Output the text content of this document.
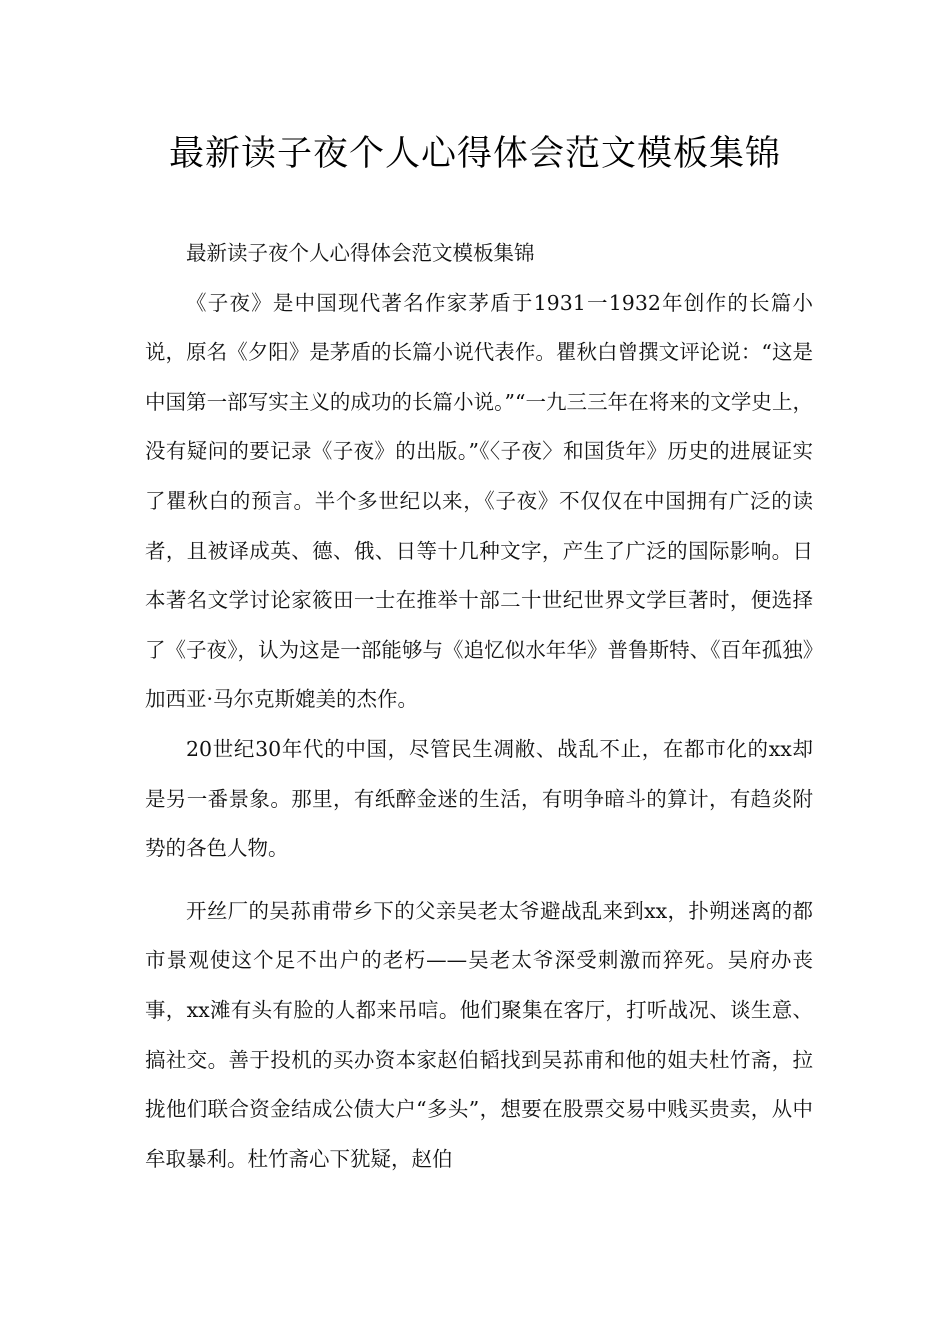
最新读子夜个人心得体会范文模板集锦

最新读子夜个人心得体会范文模板集锦

《子夜》是中国现代著名作家茅盾于1931一1932年创作的长篇小说，原名《夕阳》是茅盾的长篇小说代表作。瞿秋白曾撰文评论说：“这是中国第一部写实主义的成功的长篇小说。”“一九三三年在将来的文学史上，没有疑问的要记录《子夜》的出版。”《〈子夜〉和国货年》历史的进展证实了瞿秋白的预言。半个多世纪以来，《子夜》不仅仅在中国拥有广泛的读者，且被译成英、德、俄、日等十几种文字，产生了广泛的国际影响。日本著名文学讨论家筱田一士在推举十部二十世纪世界文学巨著时，便选择了《子夜》，认为这是一部能够与《追忆似水年华》普鲁斯特、《百年孤独》加西亚·马尔克斯媲美的杰作。

20世纪30年代的中国，尽管民生凋敝、战乱不止，在都市化的xx却是另一番景象。那里，有纸醉金迷的生活，有明争暗斗的算计，有趋炎附势的各色人物。

开丝厂的吴荪甫带乡下的父亲吴老太爷避战乱来到xx，扑朔迷离的都市景观使这个足不出户的老朽——吴老太爷深受刺激而猝死。吴府办丧事，xx滩有头有脸的人都来吊唁。他们聚集在客厅，打听战况、谈生意、搞社交。善于投机的买办资本家赵伯韬找到吴荪甫和他的姐夫杜竹斋，拉拢他们联合资金结成公债大户“多头”，想要在股票交易中贱买贵卖，从中牟取暴利。杜竹斋心下犹疑，赵伯
